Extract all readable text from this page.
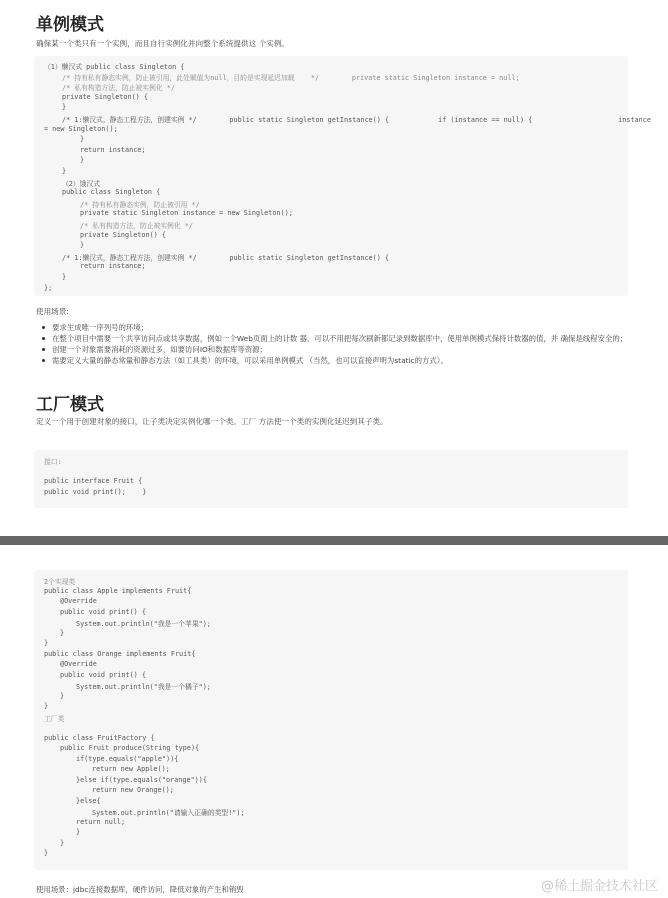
单例模式
确保某一个类只有一个实例，而且自行实例化并向整个系统提供这 个实例。
（1）懒汉式 public class Singleton {
/* 持有私有静态实例，防止被引用，此处赋值为null，目的是实现延迟加载    */        private static Singleton instance = null;
/* 私有构造方法，防止被实例化 */
private Singleton() {
}
/* 1:懒汉式，静态工程方法，创建实例 */        public static Singleton getInstance() {            if (instance == null) {                     instance
= new Singleton();
}
return instance;
}
}
（2）饿汉式
public class Singleton {
/* 持有私有静态实例，防止被引用 */
private static Singleton instance = new Singleton();
/* 私有构造方法，防止被实例化 */
private Singleton() {
}
/* 1:懒汉式，静态工程方法，创建实例 */        public static Singleton getInstance() {
return instance;
}
};
使用场景:
要求生成唯一序列号的环境；
在整个项目中需要一个共享访问点或共享数据，例如一个Web页面上的计数 器，可以不用把每次刷新都记录到数据库中，使用单例模式保持计数器的值，并 确保是线程安全的；
创建一个对象需要消耗的资源过多，如要访问IO和数据库等资源；
需要定义大量的静态常量和静态方法（如工具类）的环境，可以采用单例模式 （当然，也可以直接声明为static的方式）。
工厂模式
定义一个用于创建对象的接口，让子类决定实例化哪一个类。工厂 方法使一个类的实例化延迟到其子类。
接口:
public interface Fruit {
public void print();    }
2个实现类
public class Apple implements Fruit{
@Override
public void print() {
System.out.println("我是一个苹果");
}
}
public class Orange implements Fruit{
@Override
public void print() {
System.out.println("我是一个橘子");
}
}
工厂类
public class FruitFactory {
public Fruit produce(String type){
if(type.equals("apple")){
return new Apple();
}else if(type.equals("orange")){
return new Orange();
}else{
System.out.println("请输入正确的类型!");
return null;
}
}
}
使用场景：jdbc连接数据库，硬件访问，降低对象的产生和销毁	@稀土掘金技术社区
